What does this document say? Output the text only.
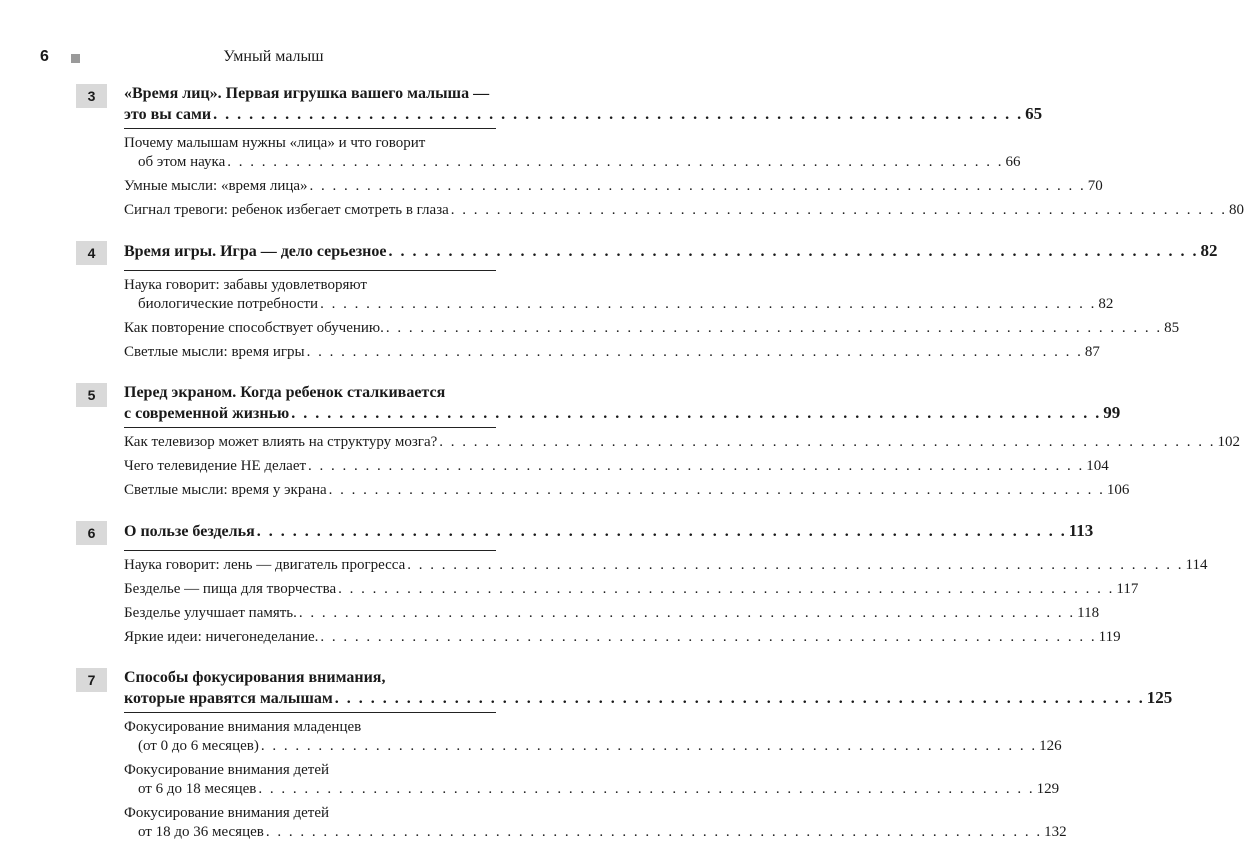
6	Умный малыш
3	«Время лиц». Первая игрушка вашего малыша —
это вы сами . . .	65
Почему малышам нужны «лица» и что говорит
об этом наука . . .	66
Умные мысли: «время лица» . . .	70
Сигнал тревоги: ребенок избегает смотреть в глаза . . .	80
4	Время игры. Игра — дело серьезное . . .	82
Наука говорит: забавы удовлетворяют
биологические потребности . . .	82
Как повторение способствует обучению. . . .	85
Светлые мысли: время игры . . .	87
5	Перед экраном. Когда ребенок сталкивается
с современной жизнью . . .	99
Как телевизор может влиять на структуру мозга? . . .	102
Чего телевидение НЕ делает . . .	104
Светлые мысли: время у экрана . . .	106
6	О пользе безделья . . .	113
Наука говорит: лень — двигатель прогресса . . .	114
Безделье — пища для творчества . . .	117
Безделье улучшает память. . . .	118
Яркие идеи: ничегонеделание. . . .	119
7	Способы фокусирования внимания,
которые нравятся малышам . . .	125
Фокусирование внимания младенцев
(от 0 до 6 месяцев) . . .	126
Фокусирование внимания детей
от 6 до 18 месяцев . . .	129
Фокусирование внимания детей
от 18 до 36 месяцев . . .	132
